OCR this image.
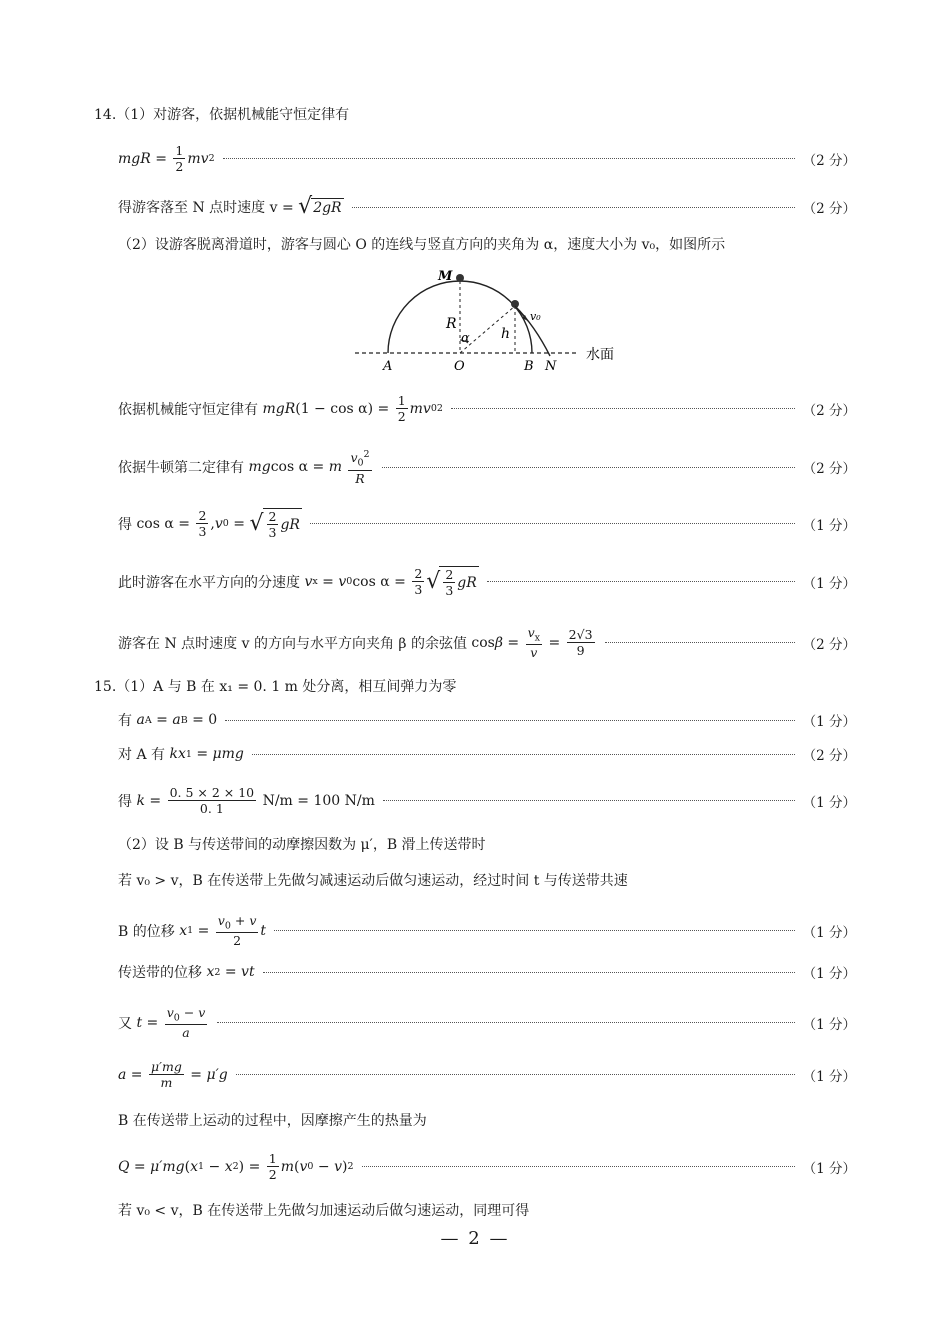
14.（1）对游客，依据机械能守恒定律有
mgR = $\frac{1}{2}$ mv 2	（2 分）
得游客落至 N 点时速度 v =
√ 2gR	（2 分）
（2）设游客脱离滑道时，游客与圆心 O 的连线与竖直方向的夹角为 α，速度大小为 v₀，如图所示
M
R
α h
v₀
A	O	B N
水面
依据机械能守恒定律有
mgR $(1 - \cos \alpha) = \frac{1}{2}$ mv 0 2	（2 分）
依据牛顿第二定律有
mg cos α = m
$\frac{v_0^2}{R}$	（2 分）
得 $\cos \alpha = \frac{2}{3}$ , v 0 = √ $\frac{2}{3}$ gR	（1 分）
此时游客在水平方向的分速度
v x = v 0 $\cos \alpha = \frac{2}{3}$ √ $\frac{2}{3}$ gR	（1 分）
游客在 N 点时速度 v 的方向与水平方向夹角 β 的余弦值 $\cos \beta = \frac{v_x}{v} = \frac{2√3}{9}$	（2 分）
15.（1）A 与 B 在 x₁ = 0. 1 m 处分离，相互间弹力为零
有
a A = a B = 0	（1 分）
对 A 有
kx 1 = μmg	（2 分）
得
$k = \frac{0. 5 \times 2 \times 10}{0. 1}$
N/m = 100 N/m	（1 分）
（2）设 B 与传送带间的动摩擦因数为 μ′，B 滑上传送带时
若 v₀ > v，B 在传送带上先做匀减速运动后做匀速运动，经过时间 t 与传送带共速
B 的位移
x $1 = \frac{v_0 + v}{2}$ t	（1 分）
传送带的位移
x 2 = vt	（1 分）
又
$t = \frac{v_0 - v}{a}$	（1 分）
$a = \frac{\mu'mg}{m} = \mu'g$	（1 分）
B 在传送带上运动的过程中，因摩擦产生的热量为
Q = μ′mg ( x 1 − x 2 ) = $\frac{1}{2}$ m ( v 0 − v ) 2	（1 分）
若 v₀ < v，B 在传送带上先做匀加速运动后做匀速运动，同理可得
— 2 —
